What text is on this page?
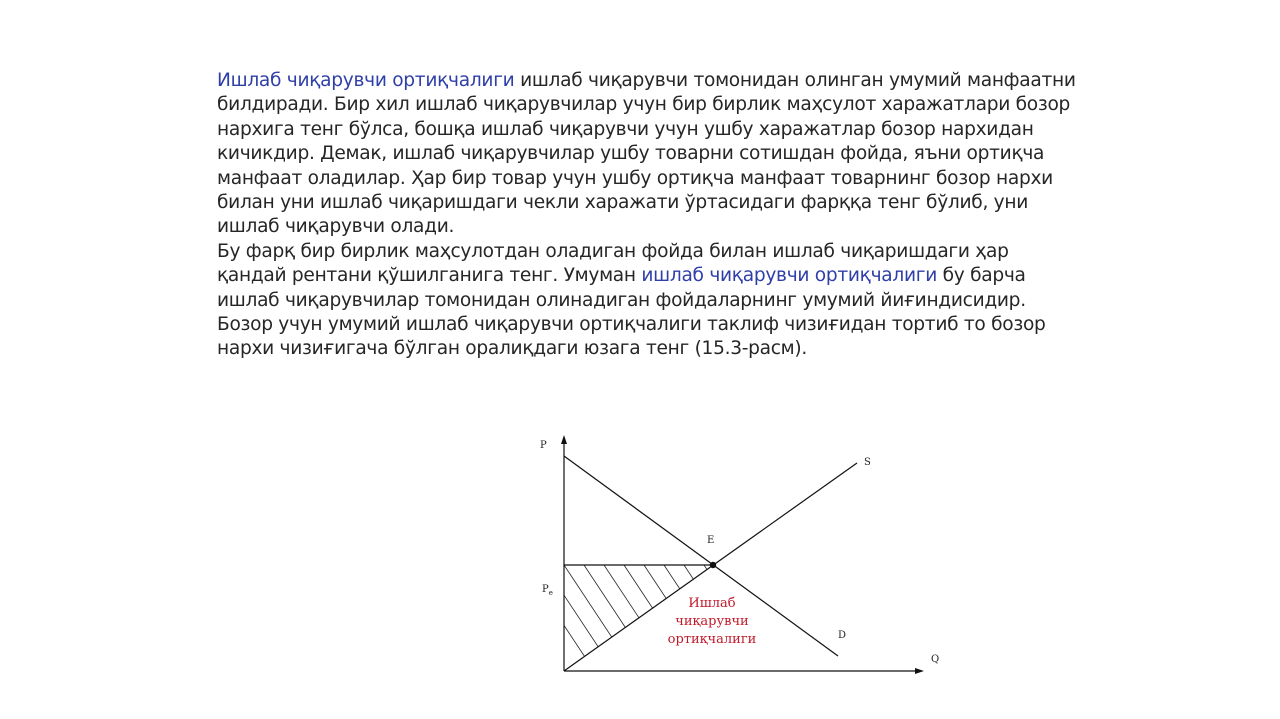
Ишлаб чиқарувчи ортиқчалиги ишлаб чиқарувчи томонидан олинган умумий манфаатни
билдиради. Бир хил ишлаб чиқарувчилар учун бир бирлик маҳсулот харажатлари бозор
нархига тенг бўлса, бошқа ишлаб чиқарувчи учун ушбу харажатлар бозор нархидан
кичикдир. Демак, ишлаб чиқарувчилар ушбу товарни сотишдан фойда, яъни ортиқча
манфаат оладилар. Ҳар бир товар учун ушбу ортиқча манфаат товарнинг бозор нархи
билан уни ишлаб чиқаришдаги чекли харажати ўртасидаги фарққа тенг бўлиб, уни
ишлаб чиқарувчи олади.
Бу фарқ бир бирлик маҳсулотдан оладиган фойда билан ишлаб чиқаришдаги ҳар
қандай рентани қўшилганига тенг. Умуман ишлаб чиқарувчи ортиқчалиги бу барча
ишлаб чиқарувчилар томонидан олинадиган фойдаларнинг умумий йиғиндисидир.
Бозор учун умумий ишлаб чиқарувчи ортиқчалиги таклиф чизиғидан тортиб то бозор
нархи чизиғигача бўлган оралиқдаги юзага тенг (15.3-расм).
P
Q
S
D
E
$P_e$
Ишлаб
чиқарувчи
ортиқчалиги
